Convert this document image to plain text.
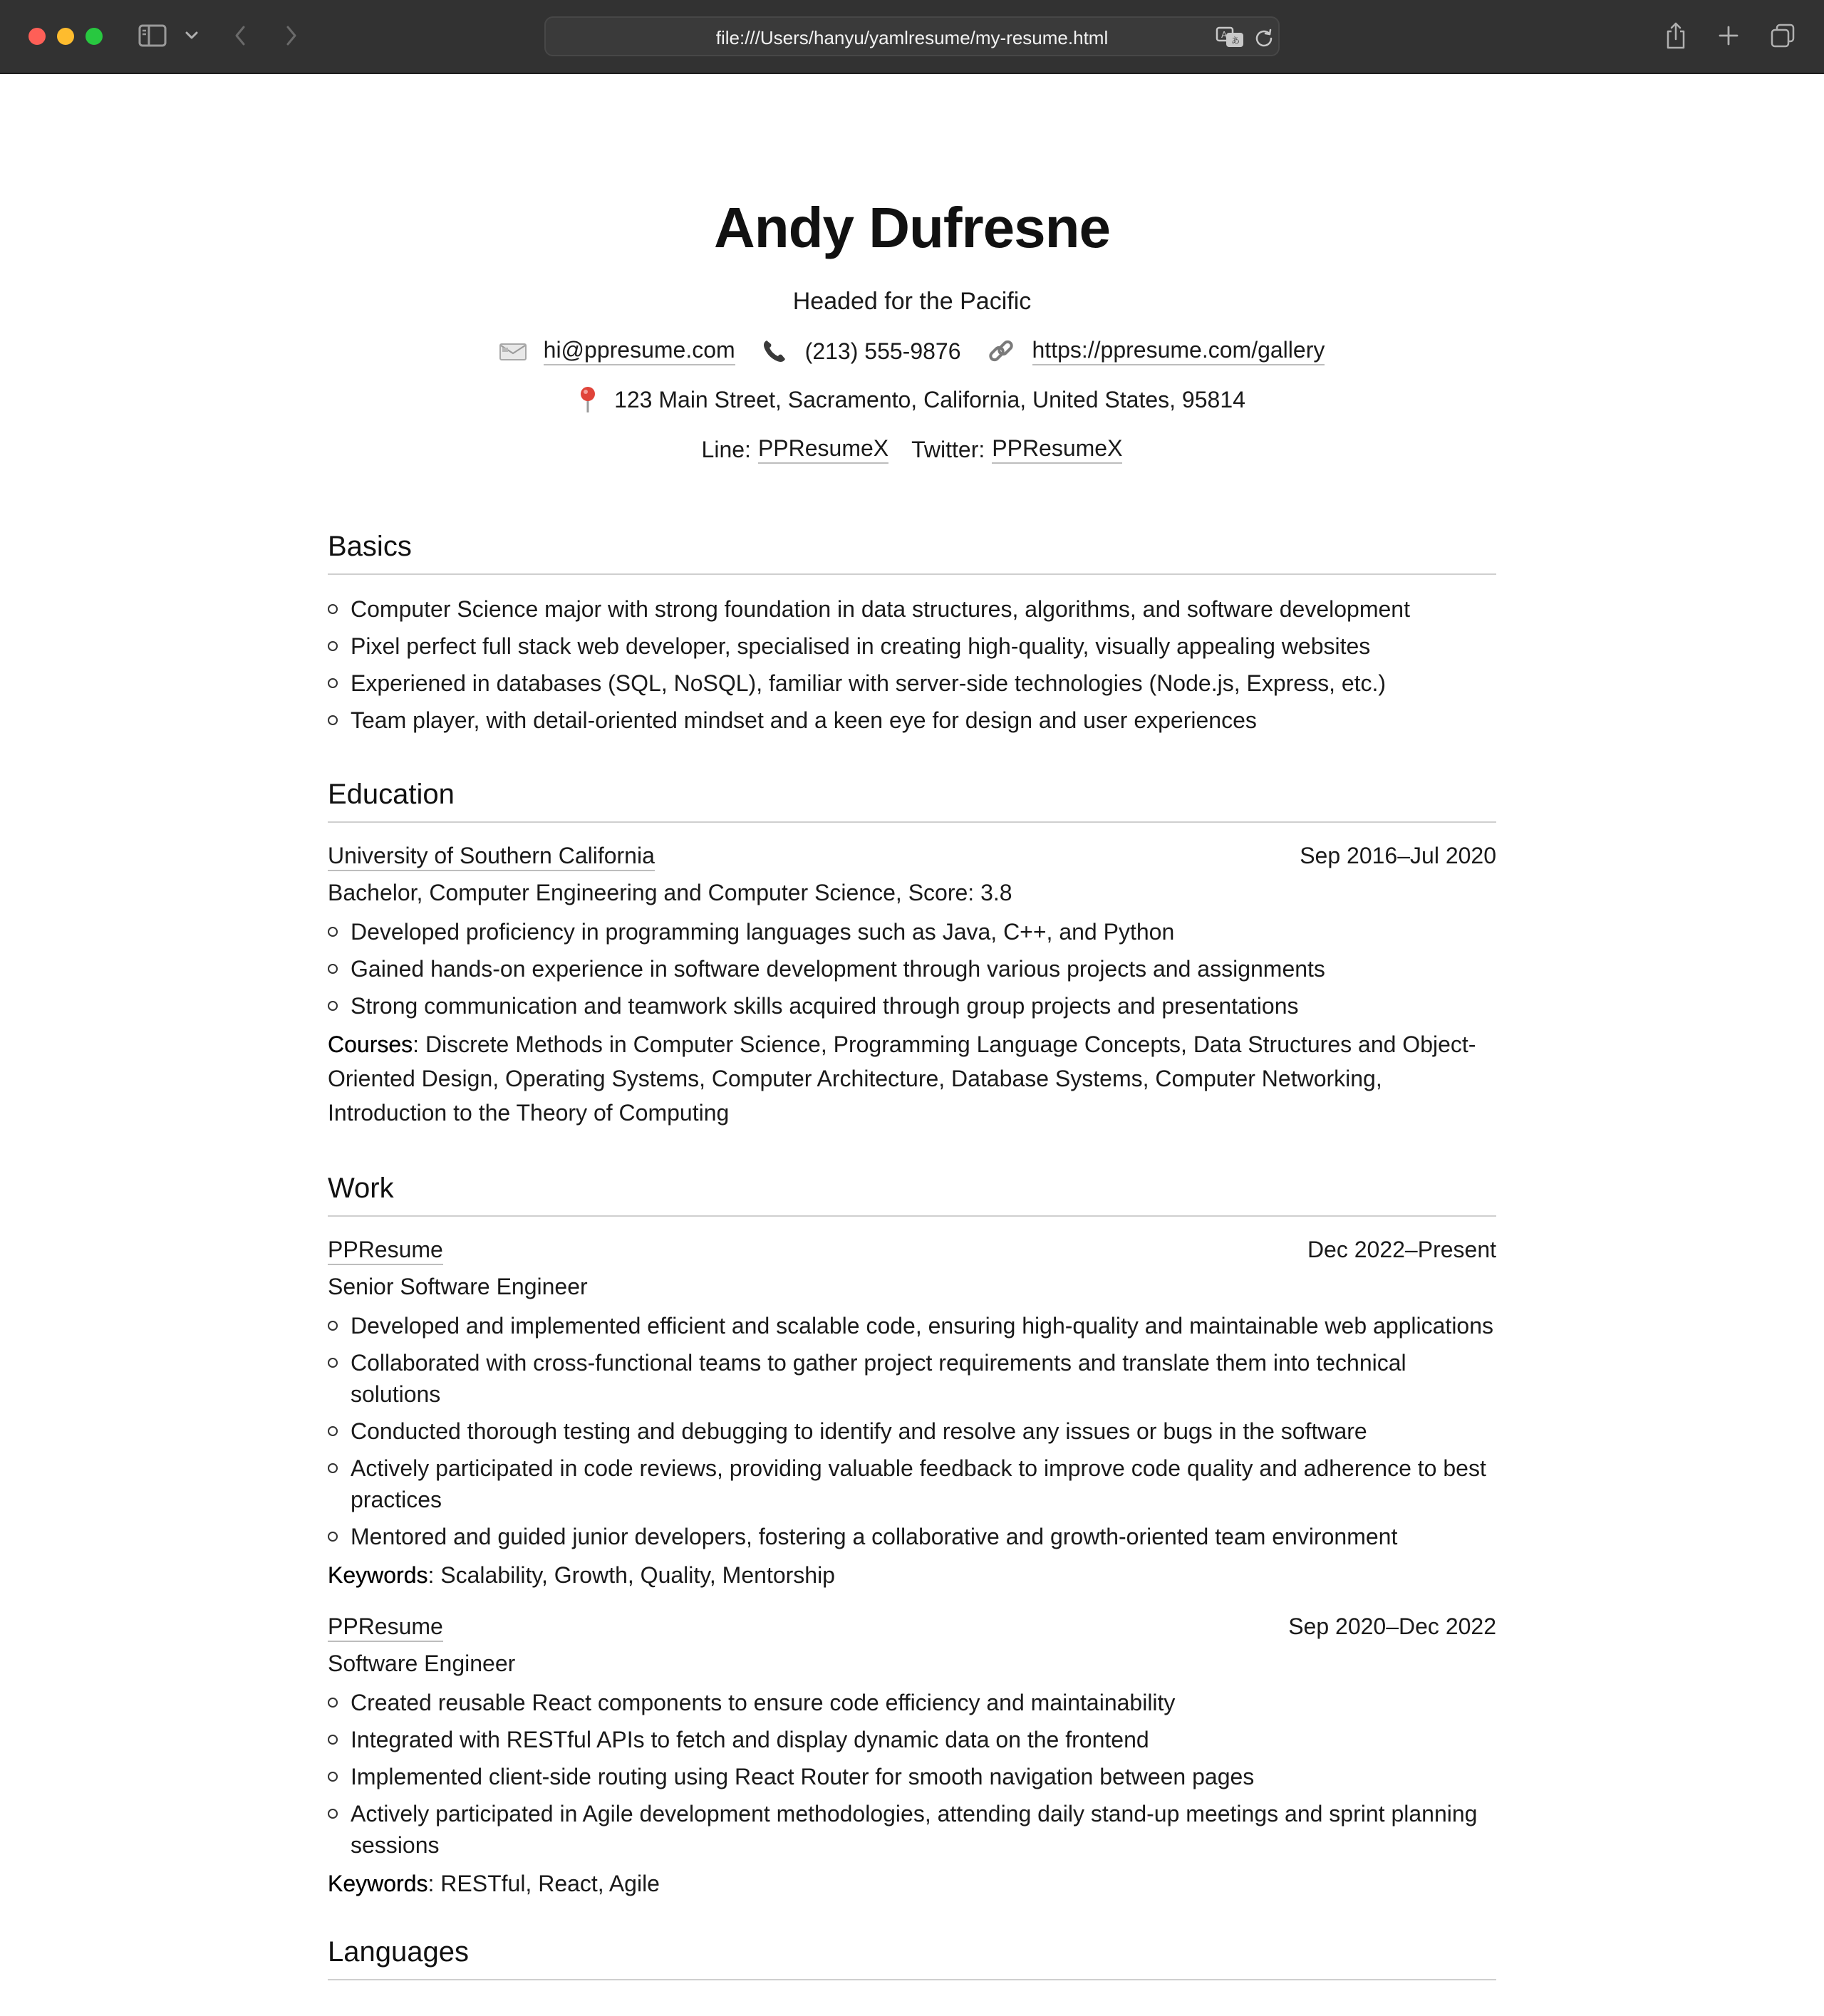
file:///Users/hanyu/yamlresume/my-resume.html	A
あ
Andy Dufresne
Headed for the Pacific
hi@ppresume.com	(213) 555-9876	https://ppresume.com/gallery
123 Main Street, Sacramento, California, United States, 95814
Line: PPResumeX Twitter: PPResumeX
Basics
Computer Science major with strong foundation in data structures, algorithms, and software development
Pixel perfect full stack web developer, specialised in creating high-quality, visually appealing websites
Experiened in databases (SQL, NoSQL), familiar with server-side technologies (Node.js, Express, etc.)
Team player, with detail-oriented mindset and a keen eye for design and user experiences
Education
University of Southern California	Sep 2016–Jul 2020
Bachelor, Computer Engineering and Computer Science, Score: 3.8
Developed proficiency in programming languages such as Java, C++, and Python
Gained hands-on experience in software development through various projects and assignments
Strong communication and teamwork skills acquired through group projects and presentations
Courses: Discrete Methods in Computer Science, Programming Language Concepts, Data Structures and Object-Oriented Design, Operating Systems, Computer Architecture, Database Systems, Computer Networking, Introduction to the Theory of Computing
Work
PPResume	Dec 2022–Present
Senior Software Engineer
Developed and implemented efficient and scalable code, ensuring high-quality and maintainable web applications
Collaborated with cross-functional teams to gather project requirements and translate them into technical solutions
Conducted thorough testing and debugging to identify and resolve any issues or bugs in the software
Actively participated in code reviews, providing valuable feedback to improve code quality and adherence to best practices
Mentored and guided junior developers, fostering a collaborative and growth-oriented team environment
Keywords: Scalability, Growth, Quality, Mentorship
PPResume	Sep 2020–Dec 2022
Software Engineer
Created reusable React components to ensure code efficiency and maintainability
Integrated with RESTful APIs to fetch and display dynamic data on the frontend
Implemented client-side routing using React Router for smooth navigation between pages
Actively participated in Agile development methodologies, attending daily stand-up meetings and sprint planning sessions
Keywords: RESTful, React, Agile
Languages
